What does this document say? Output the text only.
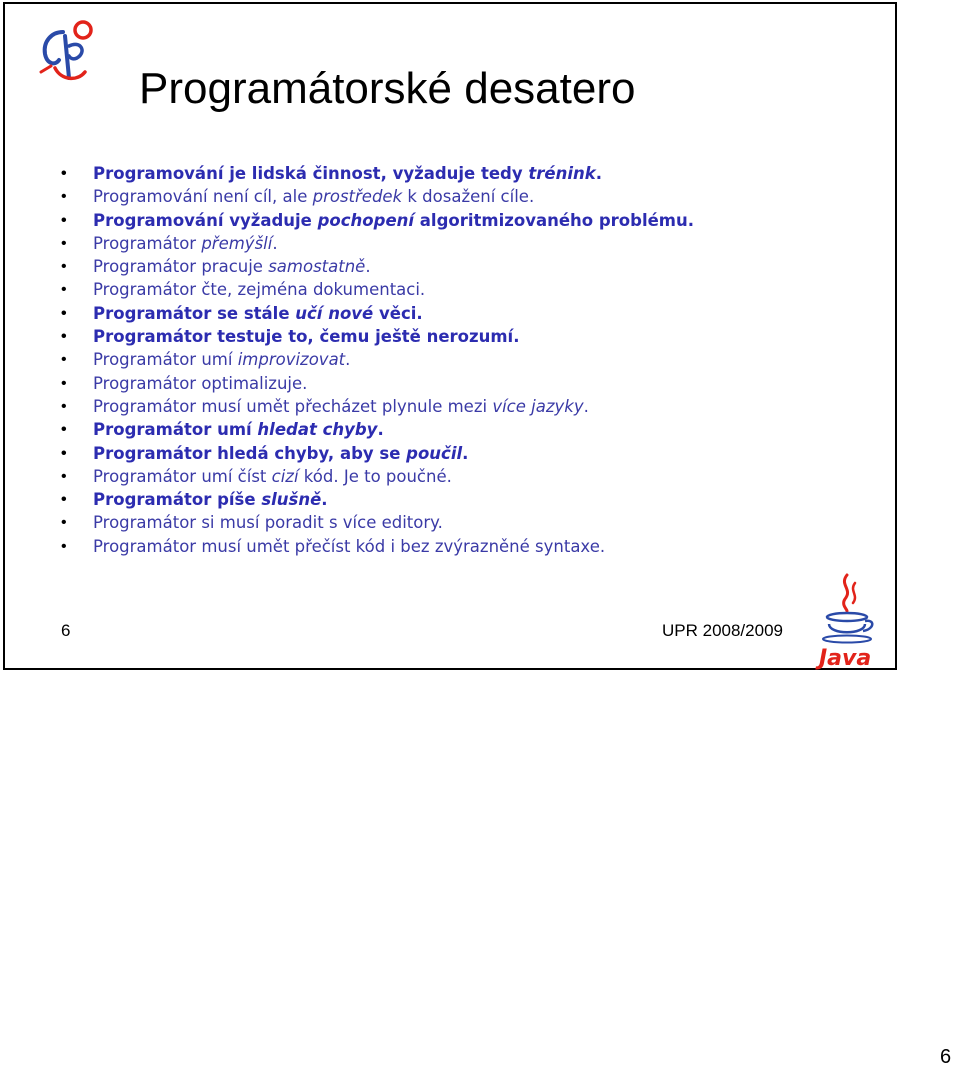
Programátorské desatero
• Programování je lidská činnost, vyžaduje tedy trénink.
• Programování není cíl, ale prostředek k dosažení cíle.
• Programování vyžaduje pochopení algoritmizovaného problému.
• Programátor přemýšlí.
• Programátor pracuje samostatně.
• Programátor čte, zejména dokumentaci.
• Programátor se stále učí nové věci.
• Programátor testuje to, čemu ještě nerozumí.
• Programátor umí improvizovat.
• Programátor optimalizuje.
• Programátor musí umět přecházet plynule mezi více jazyky.
• Programátor umí hledat chyby.
• Programátor hledá chyby, aby se poučil.
• Programátor umí číst cizí kód. Je to poučné.
• Programátor píše slušně.
• Programátor si musí poradit s více editory.
• Programátor musí umět přečíst kód i bez zvýrazněné syntaxe.
6	UPR 2008/2009
Java
6
